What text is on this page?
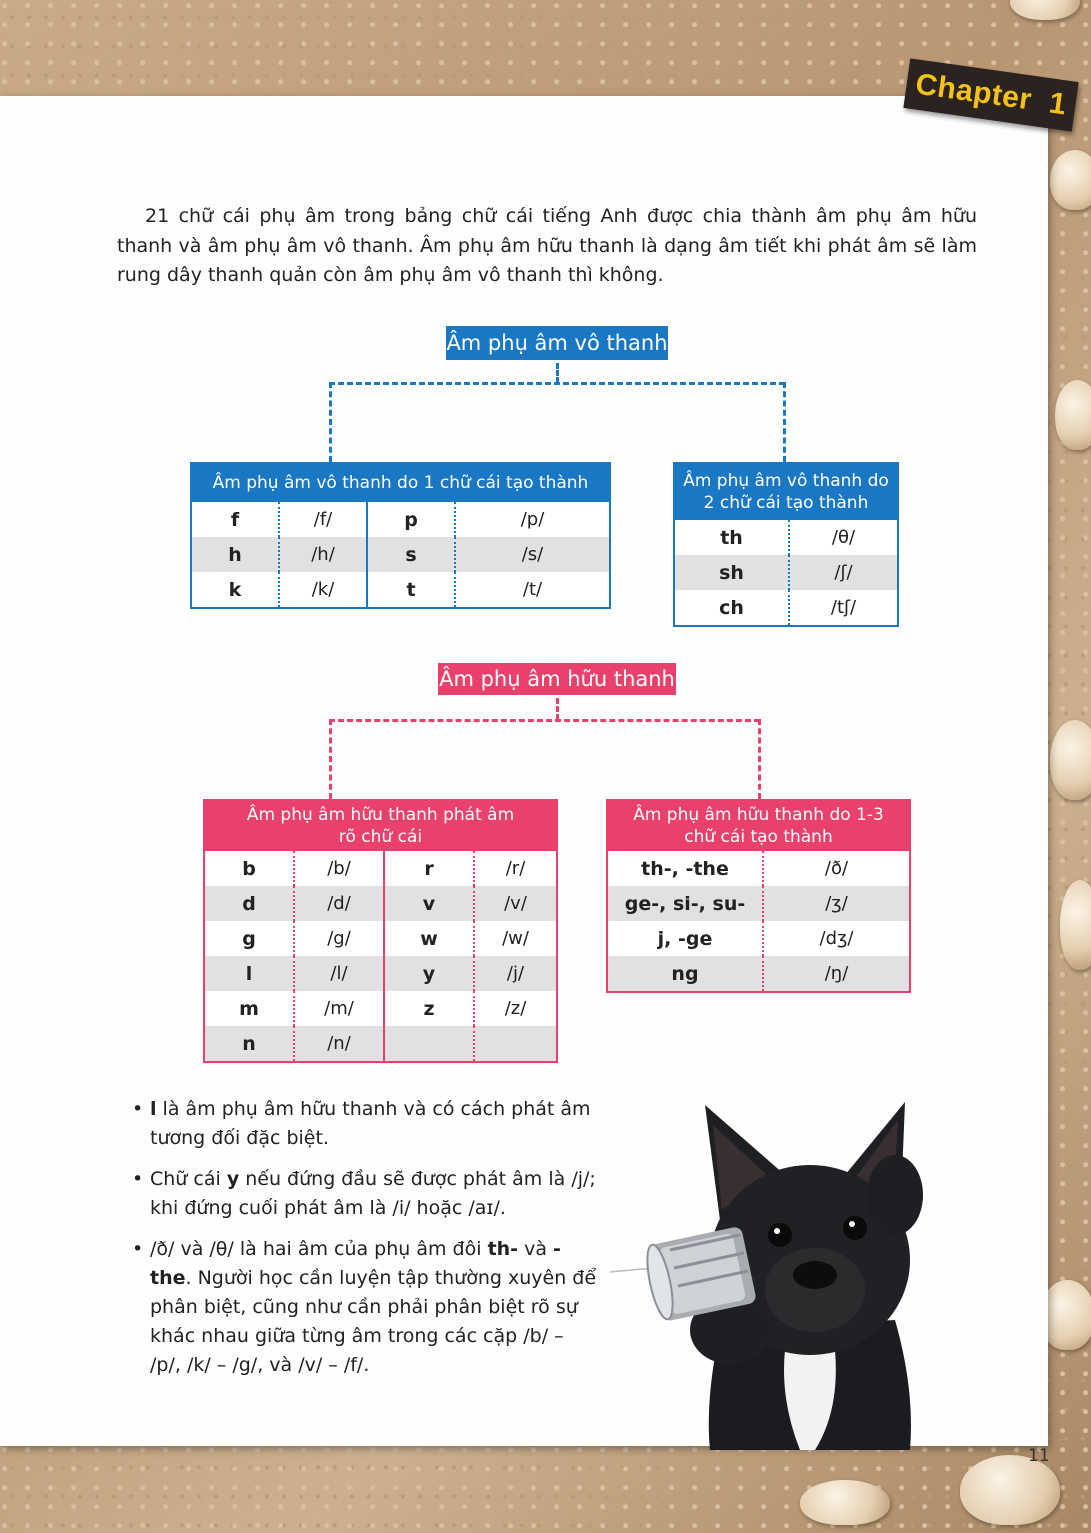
Chapter 1

21 chữ cái phụ âm trong bảng chữ cái tiếng Anh được chia thành âm phụ âm hữu thanh và âm phụ âm vô thanh. Âm phụ âm hữu thanh là dạng âm tiết khi phát âm sẽ làm rung dây thanh quản còn âm phụ âm vô thanh thì không.

Âm phụ âm vô thanh
Âm phụ âm vô thanh do 1 chữ cái tạo thành			
f	/f/	p	/p/
h	/h/	s	/s/
k	/k/	t	/t/
Âm phụ âm vô thanh do 2 chữ cái tạo thành	
th	/θ/
sh	/ʃ/
ch	/tʃ/
Âm phụ âm hữu thanh
Âm phụ âm hữu thanh phát âm rõ chữ cái			
b	/b/	r	/r/
d	/d/	v	/v/
g	/g/	w	/w/
l	/l/	y	/j/
m	/m/	z	/z/
n	/n/		
Âm phụ âm hữu thanh do 1-3 chữ cái tạo thành	
th-, -the	/ð/
ge-, si-, su-	/ʒ/
j, -ge	/dʒ/
ng	/ŋ/
• l là âm phụ âm hữu thanh và có cách phát âm tương đối đặc biệt.
• Chữ cái y nếu đứng đầu sẽ được phát âm là /j/; khi đứng cuối phát âm là /i/ hoặc /aɪ/.
• /ð/ và /θ/ là hai âm của phụ âm đôi th- và -the. Người học cần luyện tập thường xuyên để phân biệt, cũng như cần phải phân biệt rõ sự khác nhau giữa từng âm trong các cặp /b/ – /p/, /k/ – /g/, và /v/ – /f/.
11
